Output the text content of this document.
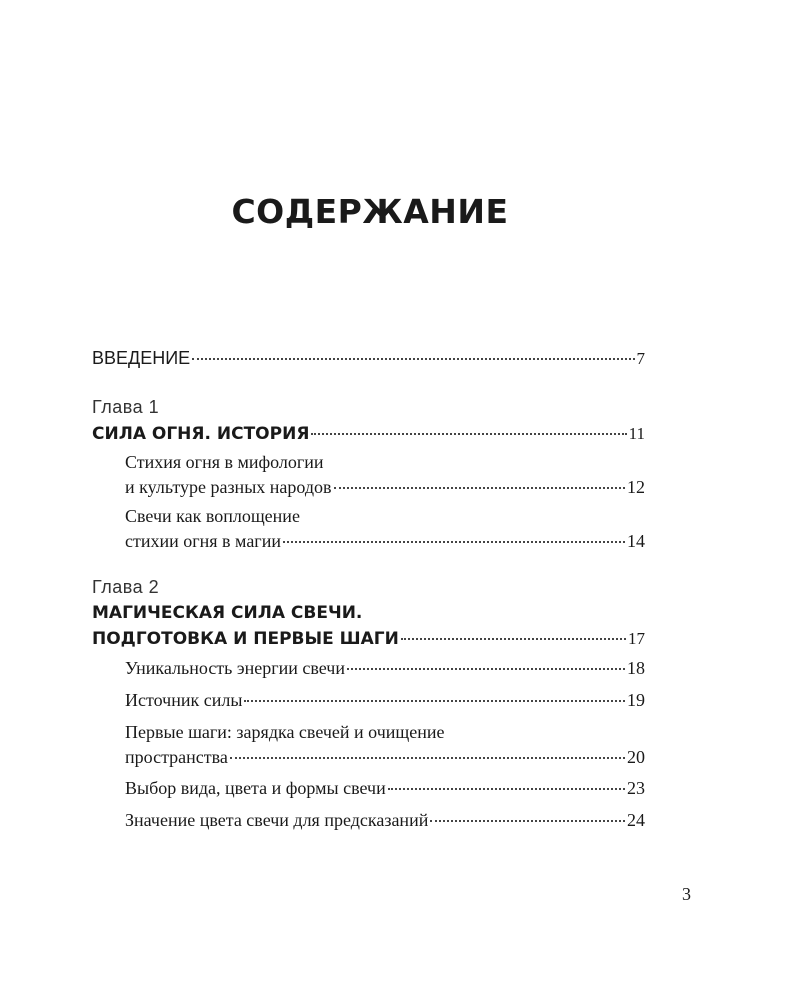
СОДЕРЖАНИЕ
ВВЕДЕНИЕ	7
Глава 1
СИЛА ОГНЯ. ИСТОРИЯ	11
Стихия огня в мифологии
и культуре разных народов	12
Свечи как воплощение
стихии огня в магии	14
Глава 2
МАГИЧЕСКАЯ СИЛА СВЕЧИ.
ПОДГОТОВКА И ПЕРВЫЕ ШАГИ	17
Уникальность энергии свечи	18
Источник силы	19
Первые шаги: зарядка свечей и очищение
пространства	20
Выбор вида, цвета и формы свечи	23
Значение цвета свечи для предсказаний	24
3
